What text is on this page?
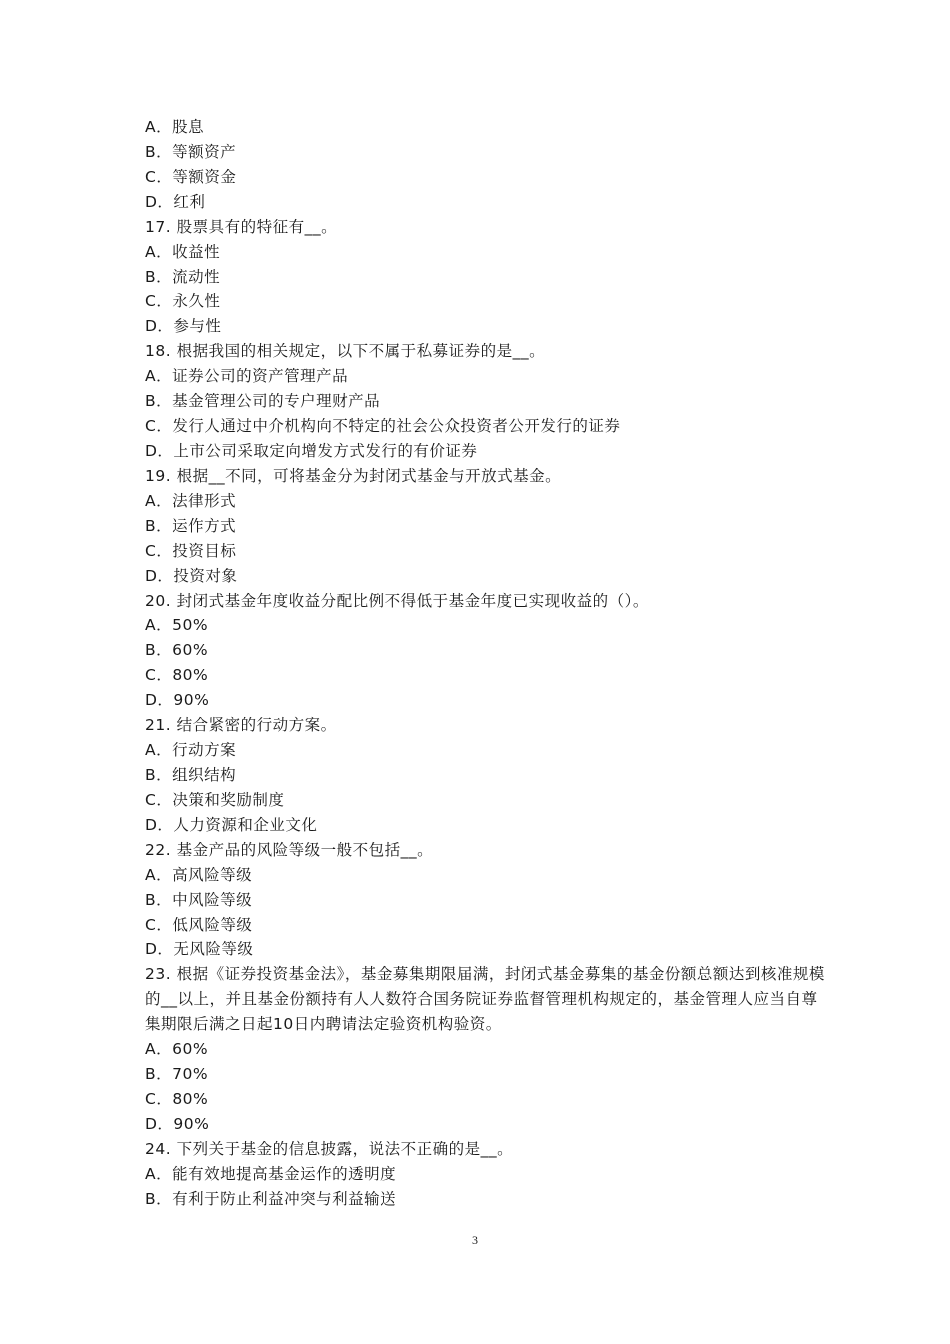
A．股息
B．等额资产
C．等额资金
D．红利
17. 股票具有的特征有__。
A．收益性
B．流动性
C．永久性
D．参与性
18. 根据我国的相关规定，以下不属于私募证券的是__。
A．证券公司的资产管理产品
B．基金管理公司的专户理财产品
C．发行人通过中介机构向不特定的社会公众投资者公开发行的证券
D．上市公司采取定向增发方式发行的有价证券
19. 根据__不同，可将基金分为封闭式基金与开放式基金。
A．法律形式
B．运作方式
C．投资目标
D．投资对象
20. 封闭式基金年度收益分配比例不得低于基金年度已实现收益的（）。
A．50%
B．60%
C．80%
D．90%
21. 结合紧密的行动方案。
A．行动方案
B．组织结构
C．决策和奖励制度
D．人力资源和企业文化
22. 基金产品的风险等级一般不包括__。
A．高风险等级
B．中风险等级
C．低风险等级
D．无风险等级
23. 根据《证券投资基金法》，基金募集期限届满，封闭式基金募集的基金份额总额达到核准规模的__以上，并且基金份额持有人人数符合国务院证券监督管理机构规定的，基金管理人应当自尊集期限后满之日起10日内聘请法定验资机构验资。
A．60%
B．70%
C．80%
D．90%
24. 下列关于基金的信息披露，说法不正确的是__。
A．能有效地提高基金运作的透明度
B．有利于防止利益冲突与利益输送
3
